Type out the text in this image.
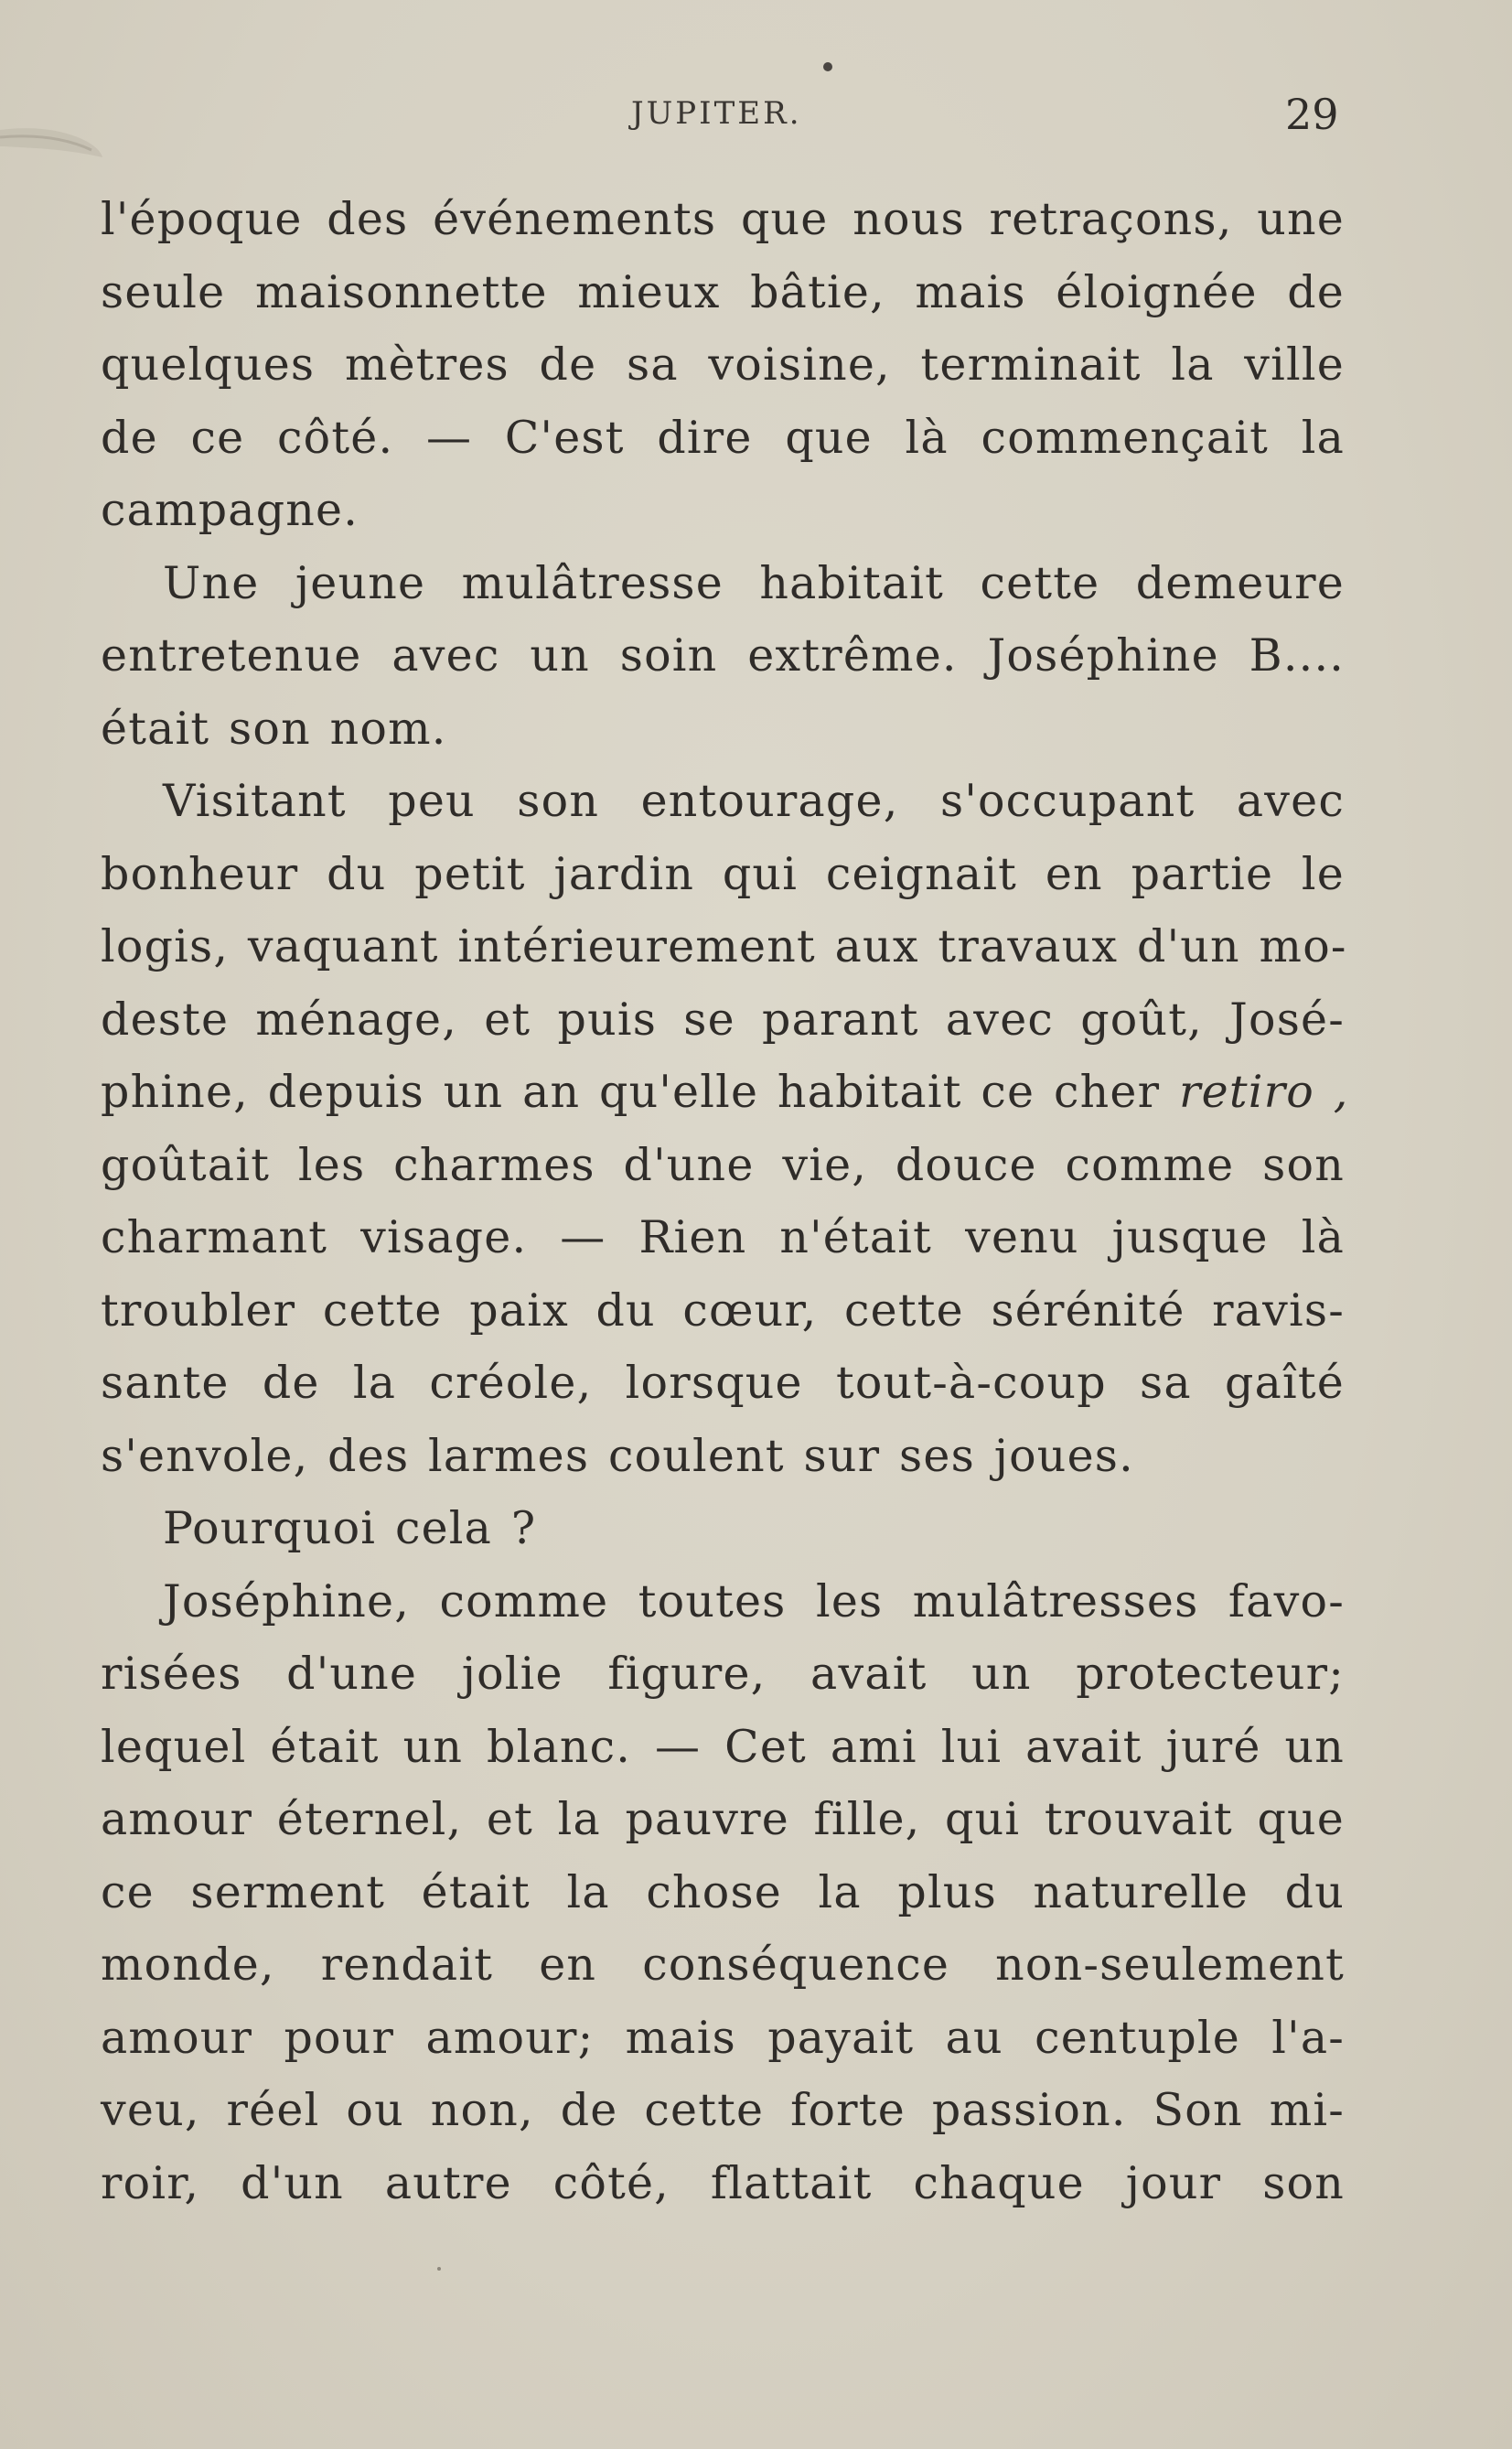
JUPITER.	29
l'époque des événements que nous retraçons, une
seule maisonnette mieux bâtie, mais éloignée de
quelques mètres de sa voisine, terminait la ville
de ce côté. — C'est dire que là commençait la
campagne.
Une jeune mulâtresse habitait cette demeure
entretenue avec un soin extrême. Joséphine B....
était son nom.
Visitant peu son entourage, s'occupant avec
bonheur du petit jardin qui ceignait en partie le
logis, vaquant intérieurement aux travaux d'un mo-
deste ménage, et puis se parant avec goût, José-
phine, depuis un an qu'elle habitait ce cher retiro ,
goûtait les charmes d'une vie, douce comme son
charmant visage. — Rien n'était venu jusque là
troubler cette paix du cœur, cette sérénité ravis-
sante de la créole, lorsque tout-à-coup sa gaîté
s'envole, des larmes coulent sur ses joues.
Pourquoi cela ?
Joséphine, comme toutes les mulâtresses favo-
risées d'une jolie figure, avait un protecteur;
lequel était un blanc. — Cet ami lui avait juré un
amour éternel, et la pauvre fille, qui trouvait que
ce serment était la chose la plus naturelle du
monde, rendait en conséquence non-seulement
amour pour amour; mais payait au centuple l'a-
veu, réel ou non, de cette forte passion. Son mi-
roir, d'un autre côté, flattait chaque jour son
